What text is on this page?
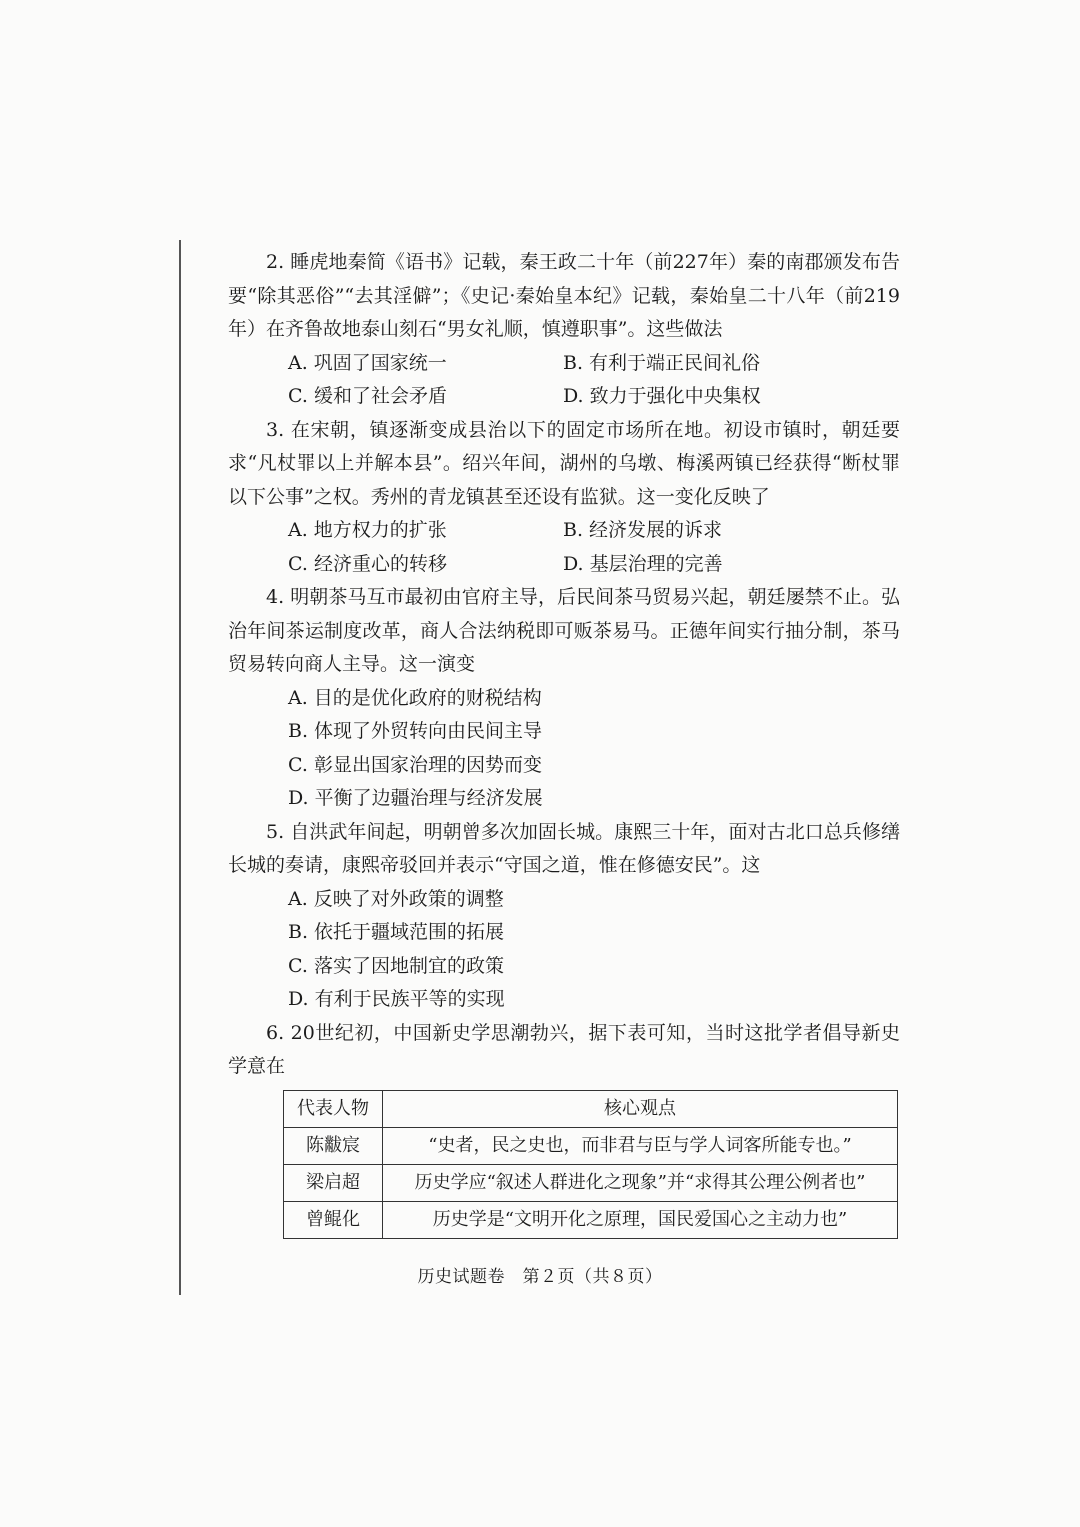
2. 睡虎地秦简《语书》记载，秦王政二十年（前227年）秦的南郡颁发布告要“除其恶俗”“去其淫僻”；《史记·秦始皇本纪》记载，秦始皇二十八年（前219年）在齐鲁故地泰山刻石“男女礼顺，慎遵职事”。这些做法

A. 巩固了国家统一	B. 有利于端正民间礼俗
C. 缓和了社会矛盾	D. 致力于强化中央集权

3. 在宋朝，镇逐渐变成县治以下的固定市场所在地。初设市镇时，朝廷要求“凡杖罪以上并解本县”。绍兴年间，湖州的乌墩、梅溪两镇已经获得“断杖罪以下公事”之权。秀州的青龙镇甚至还设有监狱。这一变化反映了

A. 地方权力的扩张	B. 经济发展的诉求
C. 经济重心的转移	D. 基层治理的完善

4. 明朝茶马互市最初由官府主导，后民间茶马贸易兴起，朝廷屡禁不止。弘治年间茶运制度改革，商人合法纳税即可贩茶易马。正德年间实行抽分制，茶马贸易转向商人主导。这一演变

A. 目的是优化政府的财税结构
B. 体现了外贸转向由民间主导
C. 彰显出国家治理的因势而变
D. 平衡了边疆治理与经济发展

5. 自洪武年间起，明朝曾多次加固长城。康熙三十年，面对古北口总兵修缮长城的奏请，康熙帝驳回并表示“守国之道，惟在修德安民”。这

A. 反映了对外政策的调整
B. 依托于疆域范围的拓展
C. 落实了因地制宜的政策
D. 有利于民族平等的实现

6. 20世纪初，中国新史学思潮勃兴，据下表可知，当时这批学者倡导新史学意在

代表人物	核心观点
陈黻宸	“史者，民之史也，而非君与臣与学人词客所能专也。”
梁启超	历史学应“叙述人群进化之现象”并“求得其公理公例者也”
曾鲲化	历史学是“文明开化之原理，国民爱国心之主动力也”
历史试题卷　第２页（共８页）
